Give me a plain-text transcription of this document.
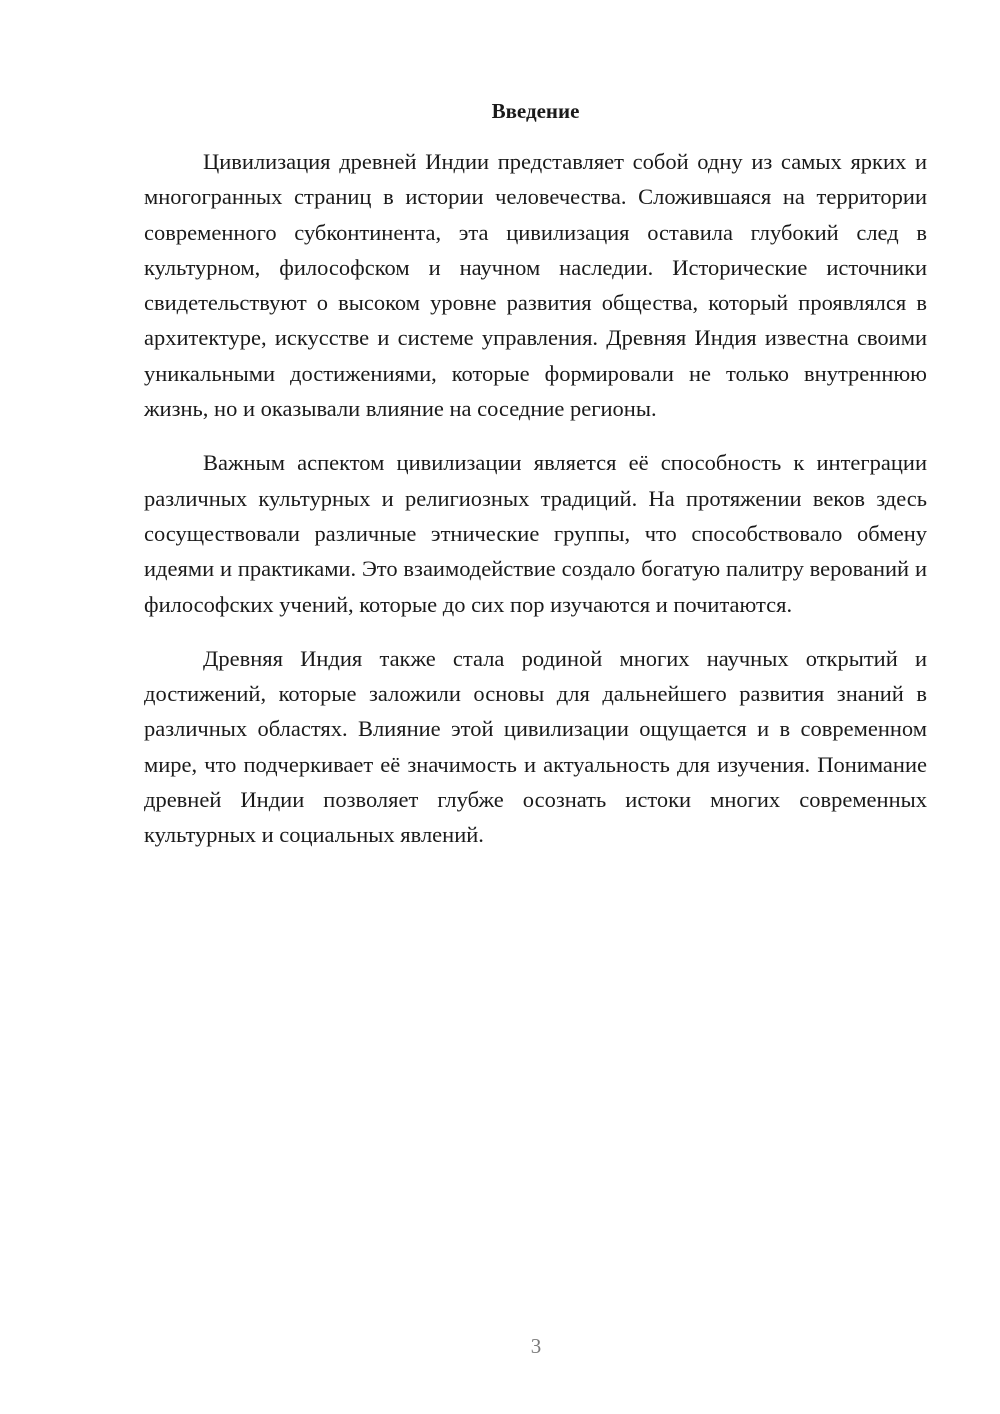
Введение

Цивилизация древней Индии представляет собой одну из самых ярких и многогранных страниц в истории человечества. Сложившаяся на территории современного субконтинента, эта цивилизация оставила глубокий след в культурном, философском и научном наследии. Исторические источники свидетельствуют о высоком уровне развития общества, который проявлялся в архитектуре, искусстве и системе управления. Древняя Индия известна своими уникальными достижениями, которые формировали не только внутреннюю жизнь, но и оказывали влияние на соседние регионы.

Важным аспектом цивилизации является её способность к интеграции различных культурных и религиозных традиций. На протяжении веков здесь сосуществовали различные этнические группы, что способствовало обмену идеями и практиками. Это взаимодействие создало богатую палитру верований и философских учений, которые до сих пор изучаются и почитаются.

Древняя Индия также стала родиной многих научных открытий и достижений, которые заложили основы для дальнейшего развития знаний в различных областях. Влияние этой цивилизации ощущается и в современном мире, что подчеркивает её значимость и актуальность для изучения. Понимание древней Индии позволяет глубже осознать истоки многих современных культурных и социальных явлений.

3
